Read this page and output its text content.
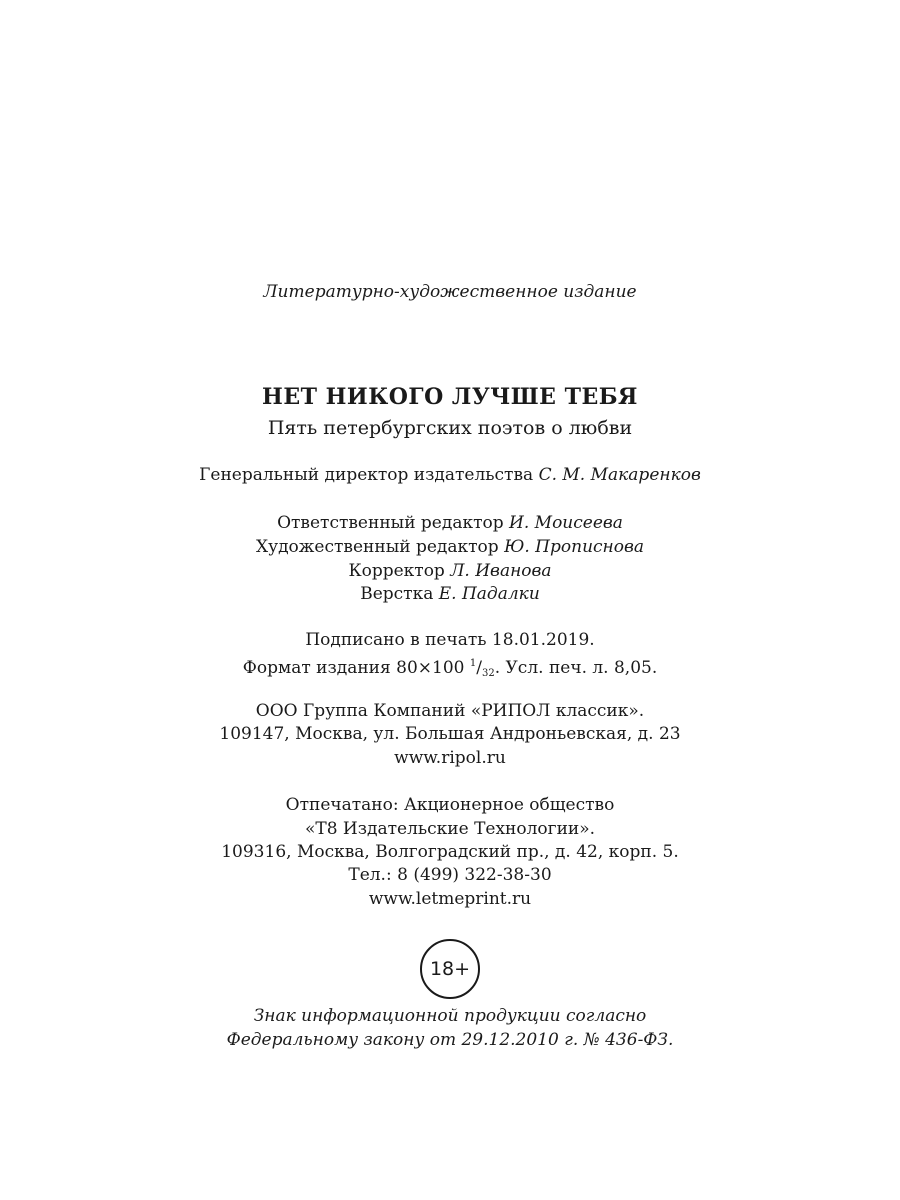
Литературно-художественное издание
НЕТ НИКОГО ЛУЧШЕ ТЕБЯ
Пять петербургских поэтов о любви
Генеральный директор издательства С. М. Макаренков
Ответственный редактор И. Моисеева
Художественный редактор Ю. Прописнова
Корректор Л. Иванова
Верстка Е. Падалки
Подписано в печать 18.01.2019.
Формат издания 80×100 $^1$/32. Усл. печ. л. 8,05.
ООО Группа Компаний «РИПОЛ классик».
109147, Москва, ул. Большая Андроньевская, д. 23
www.ripol.ru
Отпечатано: Акционерное общество
«Т8 Издательские Технологии».
109316, Москва, Волгоградский пр., д. 42, корп. 5.
Тел.: 8 (499) 322-38-30
www.letmeprint.ru
18+
Знак информационной продукции согласно
Федеральному закону от 29.12.2010 г. № 436-ФЗ.
